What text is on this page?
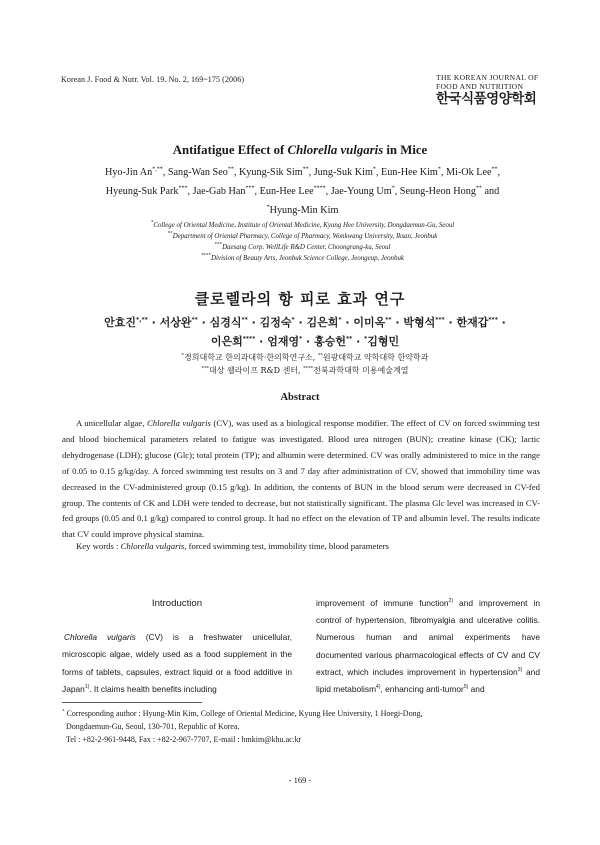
Korean J. Food & Nutr. Vol. 19. No. 2, 169~175 (2006)	THE KOREAN JOURNAL OF
FOOD AND NUTRITION
한국식품영양학회
Antifatigue Effect of Chlorella vulgaris in Mice
Hyo-Jin An*,**, Sang-Wan Seo**, Kyung-Sik Sim**, Jung-Suk Kim*, Eun-Hee Kim*, Mi-Ok Lee**,
Hyeung-Suk Park***, Jae-Gab Han***, Eun-Hee Lee****, Jae-Young Um*, Seung-Heon Hong** and
*Hyung-Min Kim
*College of Oriental Medicine, Institute of Oriental Medicine, Kyung Hee University, Dongdaemun-Gu, Seoul
**Department of Oriental Pharmacy, College of Pharmacy, Wonkwang University, Iksan, Jeonbuk
***Daesang Corp. WellLife R&D Center, Choongrang-ku, Seoul
****Division of Beauty Arts, Jeonbuk Science College, Jeongeup, Jeonbuk
클로렐라의 항 피로 효과 연구
안효진*,** · 서상완** · 심경식** · 김정숙* · 김은희* · 이미옥** · 박형석*** · 한재갑*** ·
이은희**** · 엄재영* · 홍승헌** · *김형민
*경희대학교 한의과대학·한의학연구소, **원광대학교 약학대학 한약학과
***대상 웰라이프 R&D 센터, ****전북과학대학 미용예술계열
Abstract
A unicellular algae, Chlorella vulgaris (CV), was used as a biological response modifier. The effect of CV on forced swimming test and blood biochemical parameters related to fatigue was investigated. Blood urea nitrogen (BUN); creatine kinase (CK); lactic dehydrogenase (LDH); glucose (Glc); total protein (TP); and albumin were determined. CV was orally administered to mice in the range of 0.05 to 0.15 g/kg/day. A forced swimming test results on 3 and 7 day after administration of CV, showed that immobility time was decreased in the CV-administered group (0.15 g/kg). In addition, the contents of BUN in the blood serum were decreased in CV-fed group. The contents of CK and LDH were tended to decrease, but not statistically significant. The plasma Glc level was increased in CV-fed groups (0.05 and 0.1 g/kg) compared to control group. It had no effect on the elevation of TP and albumin level. The results indicate that CV could improve physical stamina.
Key words : Chlorella vulgaris, forced swimming test, immobility time, blood parameters
Introduction

Chlorella vulgaris (CV) is a freshwater unicellular, microscopic algae, widely used as a food supplement in the forms of tablets, capsules, extract liquid or a food additive in Japan$^{1)}$. It claims health benefits including

improvement of immune function$^{2)}$ and improvement in control of hypertension, fibromyalgia and ulcerative colitis. Numerous human and animal experiments have documented various pharmacological effects of CV and CV extract, which includes improvement in hypertension$^{3)}$ and lipid metabolism$^{4)}$, enhancing anti-tumor$^{5)}$ and

* Corresponding author : Hyung-Min Kim, College of Oriental Medicine, Kyung Hee University, 1 Hoegi-Dong,
Dongdaemun-Gu, Seoul, 130-701, Republic of Korea.
Tel : +82-2-961-9448, Fax : +82-2-967-7707, E-mail : hmkim@khu.ac.kr
- 169 -
